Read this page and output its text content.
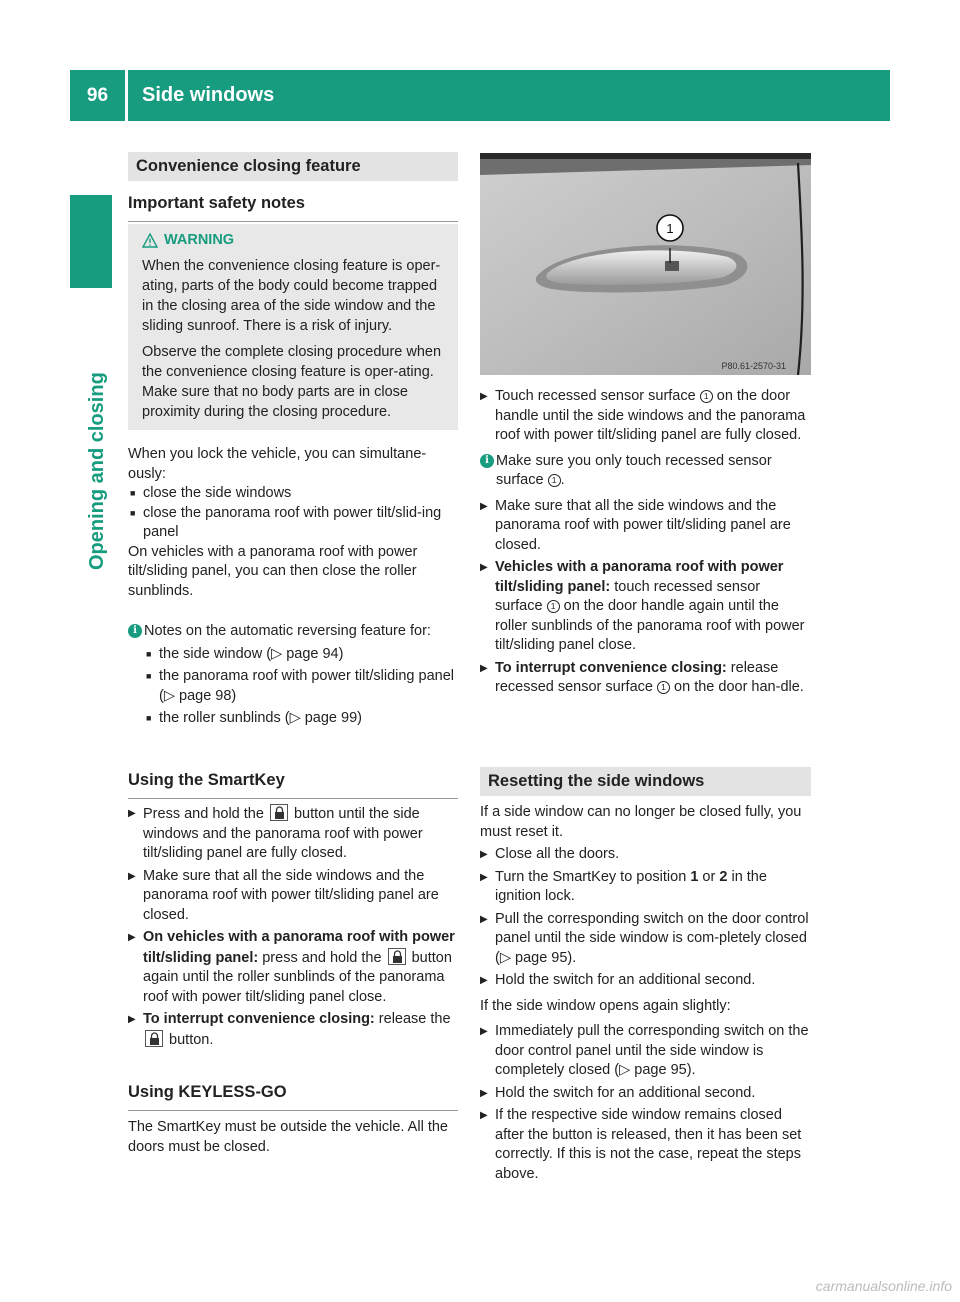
96	Side windows
Opening and closing
Convenience closing feature
Important safety notes
WARNING

When the convenience closing feature is oper-ating, parts of the body could become trapped in the closing area of the side window and the sliding sunroof. There is a risk of injury.

Observe the complete closing procedure when the convenience closing feature is oper-ating. Make sure that no body parts are in close proximity during the closing procedure.

When you lock the vehicle, you can simultane-ously:
■ close the side windows
■ close the panorama roof with power tilt/slid-ing panel
On vehicles with a panorama roof with power tilt/sliding panel, you can then close the roller sunblinds.
i Notes on the automatic reversing feature for:
■ the side window (▷ page 94)
■ the panorama roof with power tilt/sliding panel (▷ page 98)
■ the roller sunblinds (▷ page 99)
Using the SmartKey
▶ Press and hold the button until the side windows and the panorama roof with power tilt/sliding panel are fully closed.
▶ Make sure that all the side windows and the panorama roof with power tilt/sliding panel are closed.
▶ On vehicles with a panorama roof with power tilt/sliding panel: press and hold the button again until the roller sunblinds of the panorama roof with power tilt/sliding panel close.
▶ To interrupt convenience closing: release the
button.
Using KEYLESS-GO
The SmartKey must be outside the vehicle. All the doors must be closed.
1
P80.61-2570-31
▶ Touch recessed sensor surface 1 on the door handle until the side windows and the panorama roof with power tilt/sliding panel are fully closed.
i Make sure you only touch recessed sensor surface 1 .
▶ Make sure that all the side windows and the panorama roof with power tilt/sliding panel are closed.
▶ Vehicles with a panorama roof with power tilt/sliding panel: touch recessed sensor surface 1 on the door handle again until the roller sunblinds of the panorama roof with power tilt/sliding panel close.
▶ To interrupt convenience closing: release recessed sensor surface 1 on the door han-dle.
Resetting the side windows
If a side window can no longer be closed fully, you must reset it.
▶ Close all the doors.
▶ Turn the SmartKey to position 1 or 2 in the ignition lock.
▶ Pull the corresponding switch on the door control panel until the side window is com-pletely closed (▷ page 95).
▶ Hold the switch for an additional second.
If the side window opens again slightly:
▶ Immediately pull the corresponding switch on the door control panel until the side window is completely closed (▷ page 95).
▶ Hold the switch for an additional second.
▶ If the respective side window remains closed after the button is released, then it has been set correctly. If this is not the case, repeat the steps above.
carmanualsonline.info
